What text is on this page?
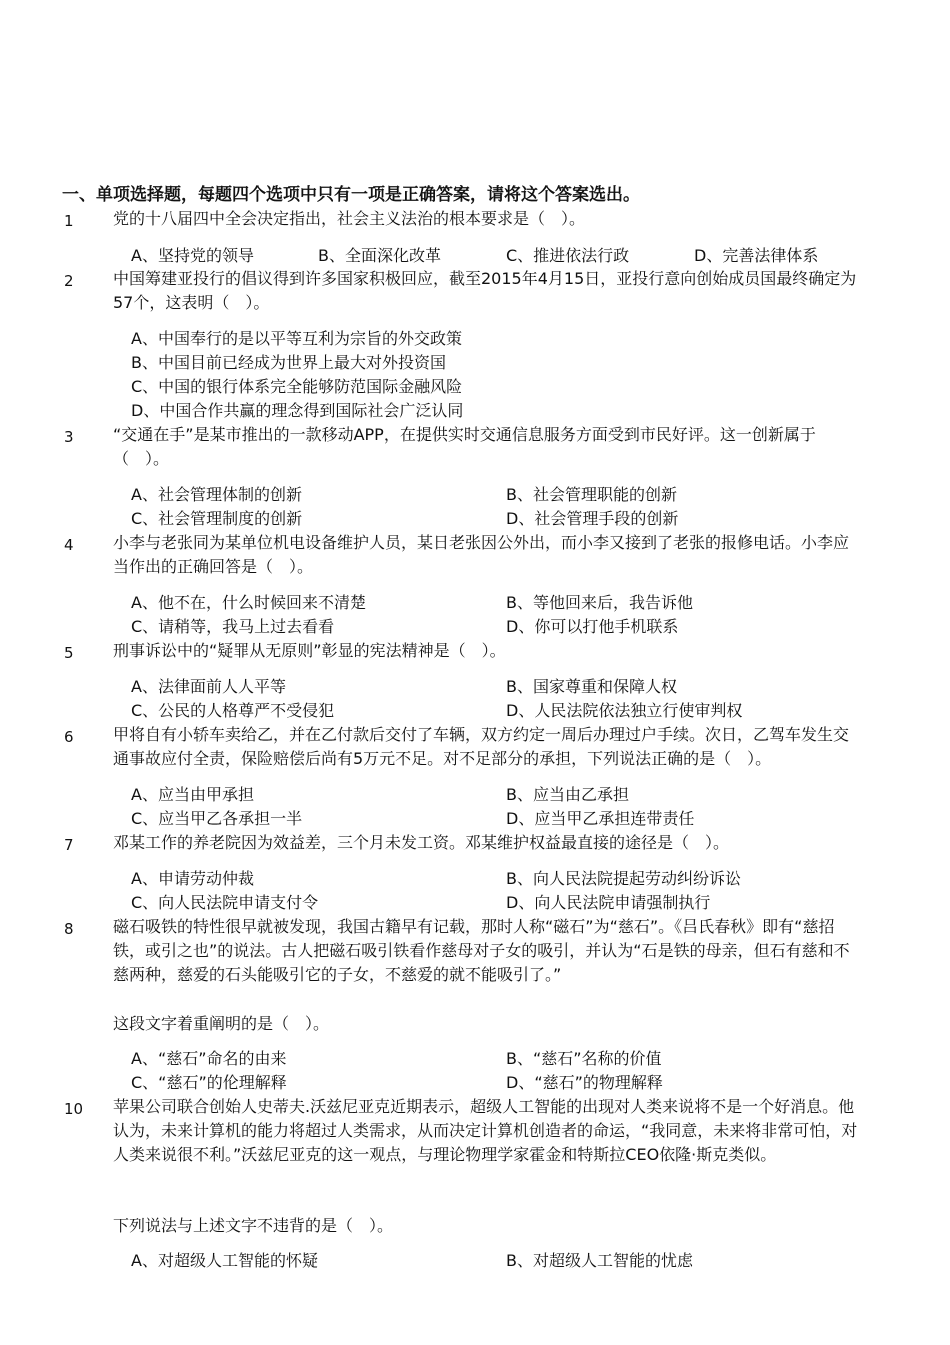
一、单项选择题，每题四个选项中只有一项是正确答案，请将这个答案选出。
1 党的十八届四中全会决定指出，社会主义法治的根本要求是（　）。
A、坚持党的领导	B、全面深化改革	C、推进依法行政	D、完善法律体系
2 中国筹建亚投行的倡议得到许多国家积极回应，截至2015年4月15日，亚投行意向创始成员国最终确定为57个，这表明（　）。
A、中国奉行的是以平等互利为宗旨的外交政策
B、中国目前已经成为世界上最大对外投资国
C、中国的银行体系完全能够防范国际金融风险
D、中国合作共赢的理念得到国际社会广泛认同
3 “交通在手”是某市推出的一款移动APP，在提供实时交通信息服务方面受到市民好评。这一创新属于（　）。
A、社会管理体制的创新	B、社会管理职能的创新
C、社会管理制度的创新	D、社会管理手段的创新
4 小李与老张同为某单位机电设备维护人员，某日老张因公外出，而小李又接到了老张的报修电话。小李应当作出的正确回答是（　）。
A、他不在，什么时候回来不清楚	B、等他回来后，我告诉他
C、请稍等，我马上过去看看	D、你可以打他手机联系
5 刑事诉讼中的“疑罪从无原则”彰显的宪法精神是（　）。
A、法律面前人人平等	B、国家尊重和保障人权
C、公民的人格尊严不受侵犯	D、人民法院依法独立行使审判权
6 甲将自有小轿车卖给乙，并在乙付款后交付了车辆，双方约定一周后办理过户手续。次日，乙驾车发生交通事故应付全责，保险赔偿后尚有5万元不足。对不足部分的承担，下列说法正确的是（　）。
A、应当由甲承担	B、应当由乙承担
C、应当甲乙各承担一半	D、应当甲乙承担连带责任
7 邓某工作的养老院因为效益差，三个月未发工资。邓某维护权益最直接的途径是（　）。
A、申请劳动仲裁	B、向人民法院提起劳动纠纷诉讼
C、向人民法院申请支付令	D、向人民法院申请强制执行
8 磁石吸铁的特性很早就被发现，我国古籍早有记载，那时人称“磁石”为“慈石”。《吕氏春秋》即有“慈招铁，或引之也”的说法。古人把磁石吸引铁看作慈母对子女的吸引，并认为“石是铁的母亲，但石有慈和不慈两种，慈爱的石头能吸引它的子女，不慈爱的就不能吸引了。”
这段文字着重阐明的是（　）。
A、“慈石”命名的由来	B、“慈石”名称的价值
C、“慈石”的伦理解释	D、“慈石”的物理解释
10 苹果公司联合创始人史蒂夫.沃兹尼亚克近期表示，超级人工智能的出现对人类来说将不是一个好消息。他认为，未来计算机的能力将超过人类需求，从而决定计算机创造者的命运，“我同意，未来将非常可怕，对人类来说很不利。”沃兹尼亚克的这一观点，与理论物理学家霍金和特斯拉CEO依隆·斯克类似。
下列说法与上述文字不违背的是（　）。
A、对超级人工智能的怀疑	B、对超级人工智能的忧虑
